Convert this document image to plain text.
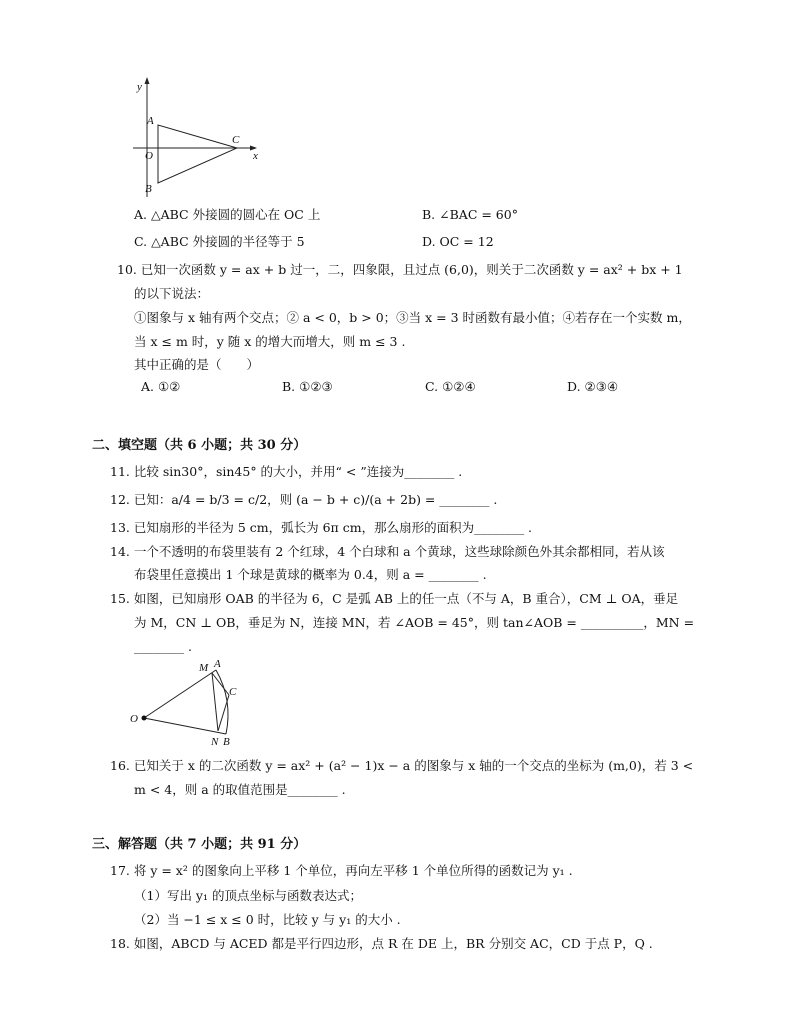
y
A
O
B
C
x
A. △ABC 外接圆的圆心在 OC 上	B. ∠BAC = 60°
C. △ABC 外接圆的半径等于 5	D. OC = 12
10. 已知一次函数 y = ax + b 过一，二，四象限，且过点 (6,0)，则关于二次函数 y = ax² + bx + 1
的以下说法：
①图象与 x 轴有两个交点；② a < 0，b > 0；③当 x = 3 时函数有最小值；④若存在一个实数 m，
当 x ≤ m 时，y 随 x 的增大而增大，则 m ≤ 3 .
其中正确的是（　　）
A. ①②	B. ①②③	C. ①②④	D. ②③④
二、填空题（共 6 小题；共 30 分）
11. 比较 sin30°，sin45° 的大小，并用“ < ”连接为________ .
12. 已知：a/4 = b/3 = c/2，则 (a − b + c)/(a + 2b) = ________ .
13. 已知扇形的半径为 5 cm，弧长为 6π cm，那么扇形的面积为________ .
14. 一个不透明的布袋里装有 2 个红球，4 个白球和 a 个黄球，这些球除颜色外其余都相同，若从该
布袋里任意摸出 1 个球是黄球的概率为 0.4，则 a = ________ .
15. 如图，已知扇形 OAB 的半径为 6，C 是弧 AB 上的任一点（不与 A，B 重合），CM ⊥ OA，垂足
为 M，CN ⊥ OB，垂足为 N，连接 MN，若 ∠AOB = 45°，则 tan∠AOB = __________，MN =
________ .
O
M A
C
N B
16. 已知关于 x 的二次函数 y = ax² + (a² − 1)x − a 的图象与 x 轴的一个交点的坐标为 (m,0)，若 3 <
m < 4，则 a 的取值范围是________ .
三、解答题（共 7 小题；共 91 分）
17. 将 y = x² 的图象向上平移 1 个单位，再向左平移 1 个单位所得的函数记为 y₁ .
（1）写出 y₁ 的顶点坐标与函数表达式；
（2）当 −1 ≤ x ≤ 0 时，比较 y 与 y₁ 的大小 .
18. 如图，ABCD 与 ACED 都是平行四边形，点 R 在 DE 上，BR 分别交 AC，CD 于点 P，Q .
